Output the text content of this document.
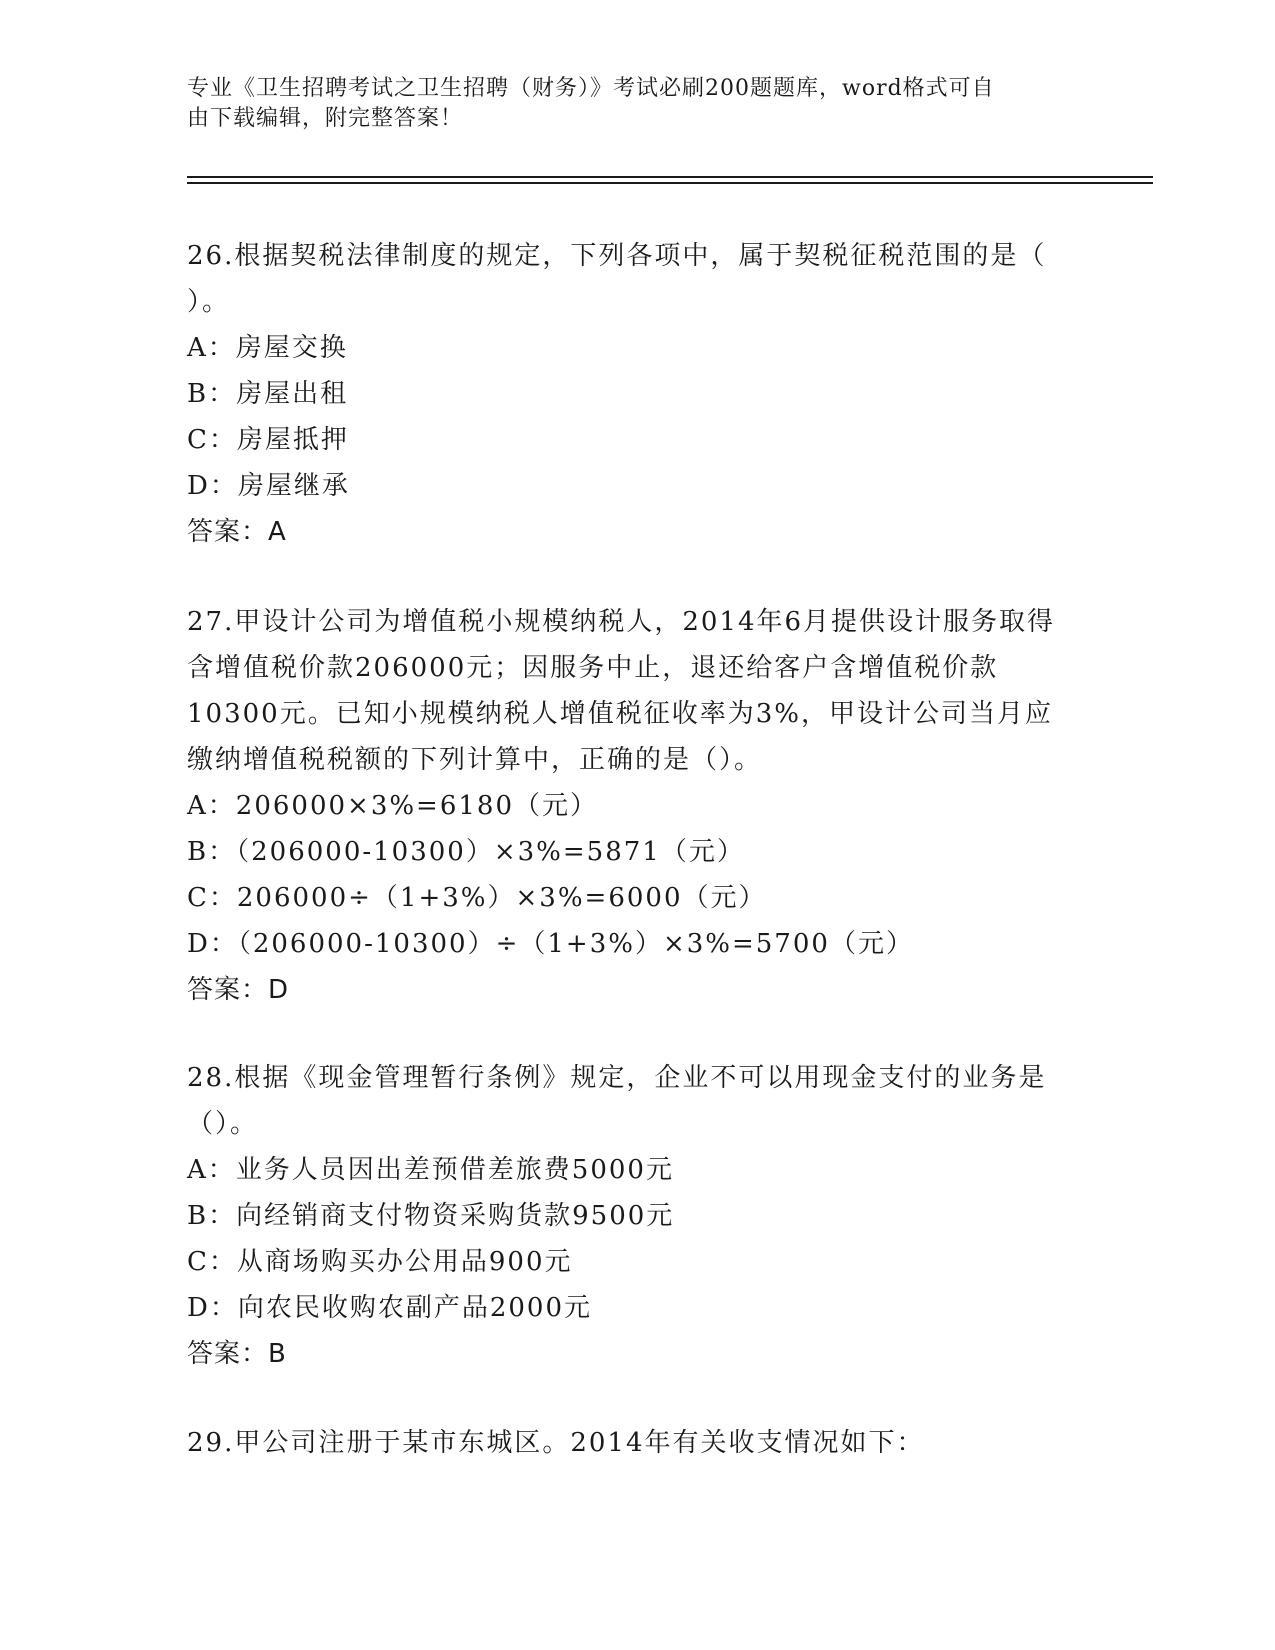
专业《卫生招聘考试之卫生招聘（财务）》考试必刷200题题库，word格式可自
由下载编辑，附完整答案！

26.根据契税法律制度的规定，下列各项中，属于契税征税范围的是（

）。

A：房屋交换

B：房屋出租

C：房屋抵押

D：房屋继承

答案：A

27.甲设计公司为增值税小规模纳税人，2014年6月提供设计服务取得

含增值税价款206000元；因服务中止，退还给客户含增值税价款

10300元。已知小规模纳税人增值税征收率为3%，甲设计公司当月应

缴纳增值税税额的下列计算中，正确的是（）。

A：206000×3%=6180（元）

B：（206000-10300）×3%=5871（元）

C：206000÷（1+3%）×3%=6000（元）

D：（206000-10300）÷（1+3%）×3%=5700（元）

答案：D

28.根据《现金管理暂行条例》规定，企业不可以用现金支付的业务是

（）。

A：业务人员因出差预借差旅费5000元

B：向经销商支付物资采购货款9500元

C：从商场购买办公用品900元

D：向农民收购农副产品2000元

答案：B

29.甲公司注册于某市东城区。2014年有关收支情况如下：
